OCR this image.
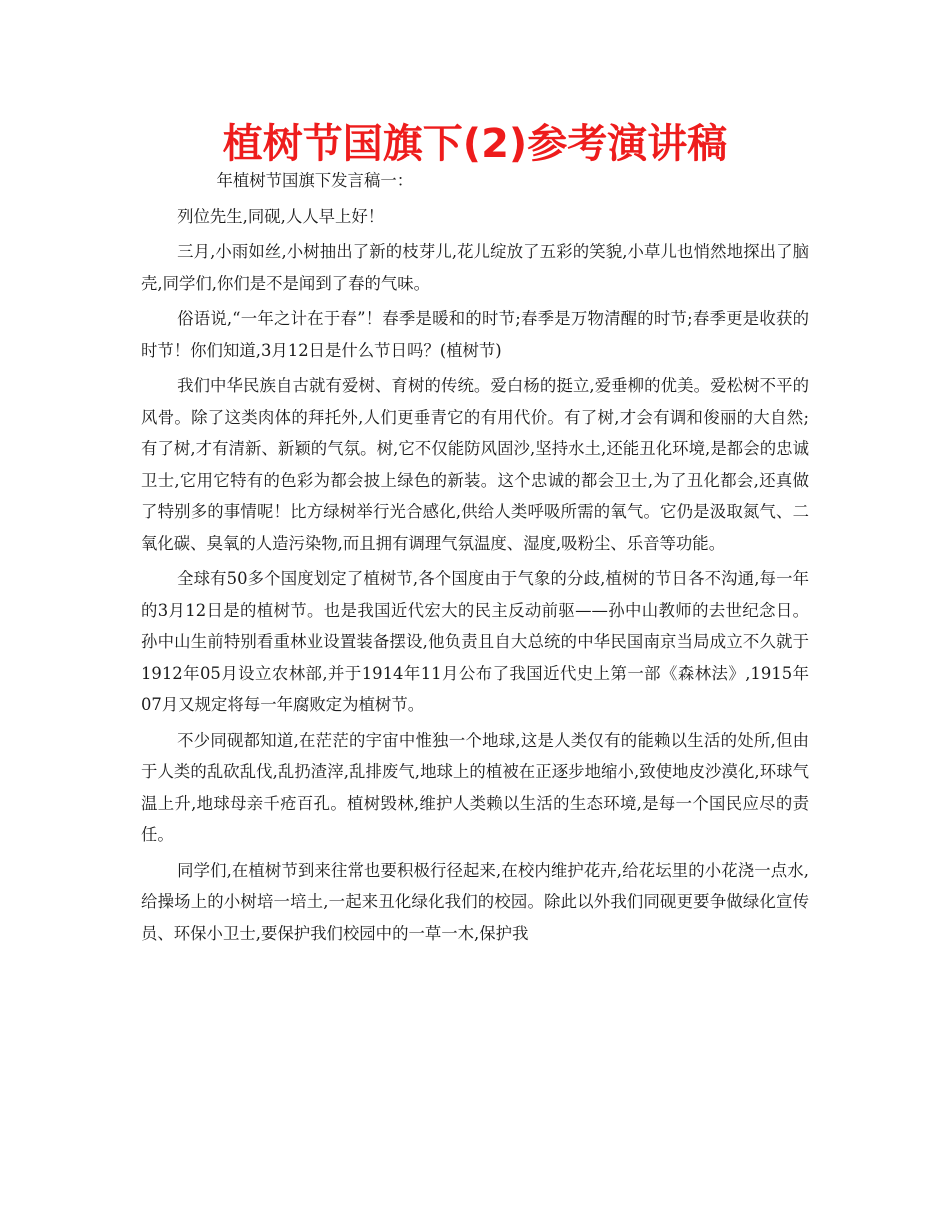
植树节国旗下(2)参考演讲稿

年植树节国旗下发言稿一：

列位先生,同砚,人人早上好！

三月,小雨如丝,小树抽出了新的枝芽儿,花儿绽放了五彩的笑貌,小草儿也悄然地探出了脑壳,同学们,你们是不是闻到了春的气味。

俗语说,“一年之计在于春”！春季是暖和的时节;春季是万物清醒的时节;春季更是收获的时节！你们知道,3月12日是什么节日吗？(植树节)

我们中华民族自古就有爱树、育树的传统。爱白杨的挺立,爱垂柳的优美。爱松树不平的风骨。除了这类肉体的拜托外,人们更垂青它的有用代价。有了树,才会有调和俊丽的大自然;有了树,才有清新、新颖的气氛。树,它不仅能防风固沙,坚持水土,还能丑化环境,是都会的忠诚卫士,它用它特有的色彩为都会披上绿色的新装。这个忠诚的都会卫士,为了丑化都会,还真做了特别多的事情呢！比方绿树举行光合感化,供给人类呼吸所需的氧气。它仍是汲取氮气、二氧化碳、臭氧的人造污染物,而且拥有调理气氛温度、湿度,吸粉尘、乐音等功能。

全球有50多个国度划定了植树节,各个国度由于气象的分歧,植树的节日各不沟通,每一年的3月12日是的植树节。也是我国近代宏大的民主反动前驱——孙中山教师的去世纪念日。孙中山生前特别看重林业设置装备摆设,他负责且自大总统的中华民国南京当局成立不久就于1912年05月设立农林部,并于1914年11月公布了我国近代史上第一部《森林法》,1915年07月又规定将每一年腐败定为植树节。

不少同砚都知道,在茫茫的宇宙中惟独一个地球,这是人类仅有的能赖以生活的处所,但由于人类的乱砍乱伐,乱扔渣滓,乱排废气,地球上的植被在正逐步地缩小,致使地皮沙漠化,环球气温上升,地球母亲千疮百孔。植树毁林,维护人类赖以生活的生态环境,是每一个国民应尽的责任。

同学们,在植树节到来往常也要积极行径起来,在校内维护花卉,给花坛里的小花浇一点水,给操场上的小树培一培土,一起来丑化绿化我们的校园。除此以外我们同砚更要争做绿化宣传员、环保小卫士,要保护我们校园中的一草一木,保护我
